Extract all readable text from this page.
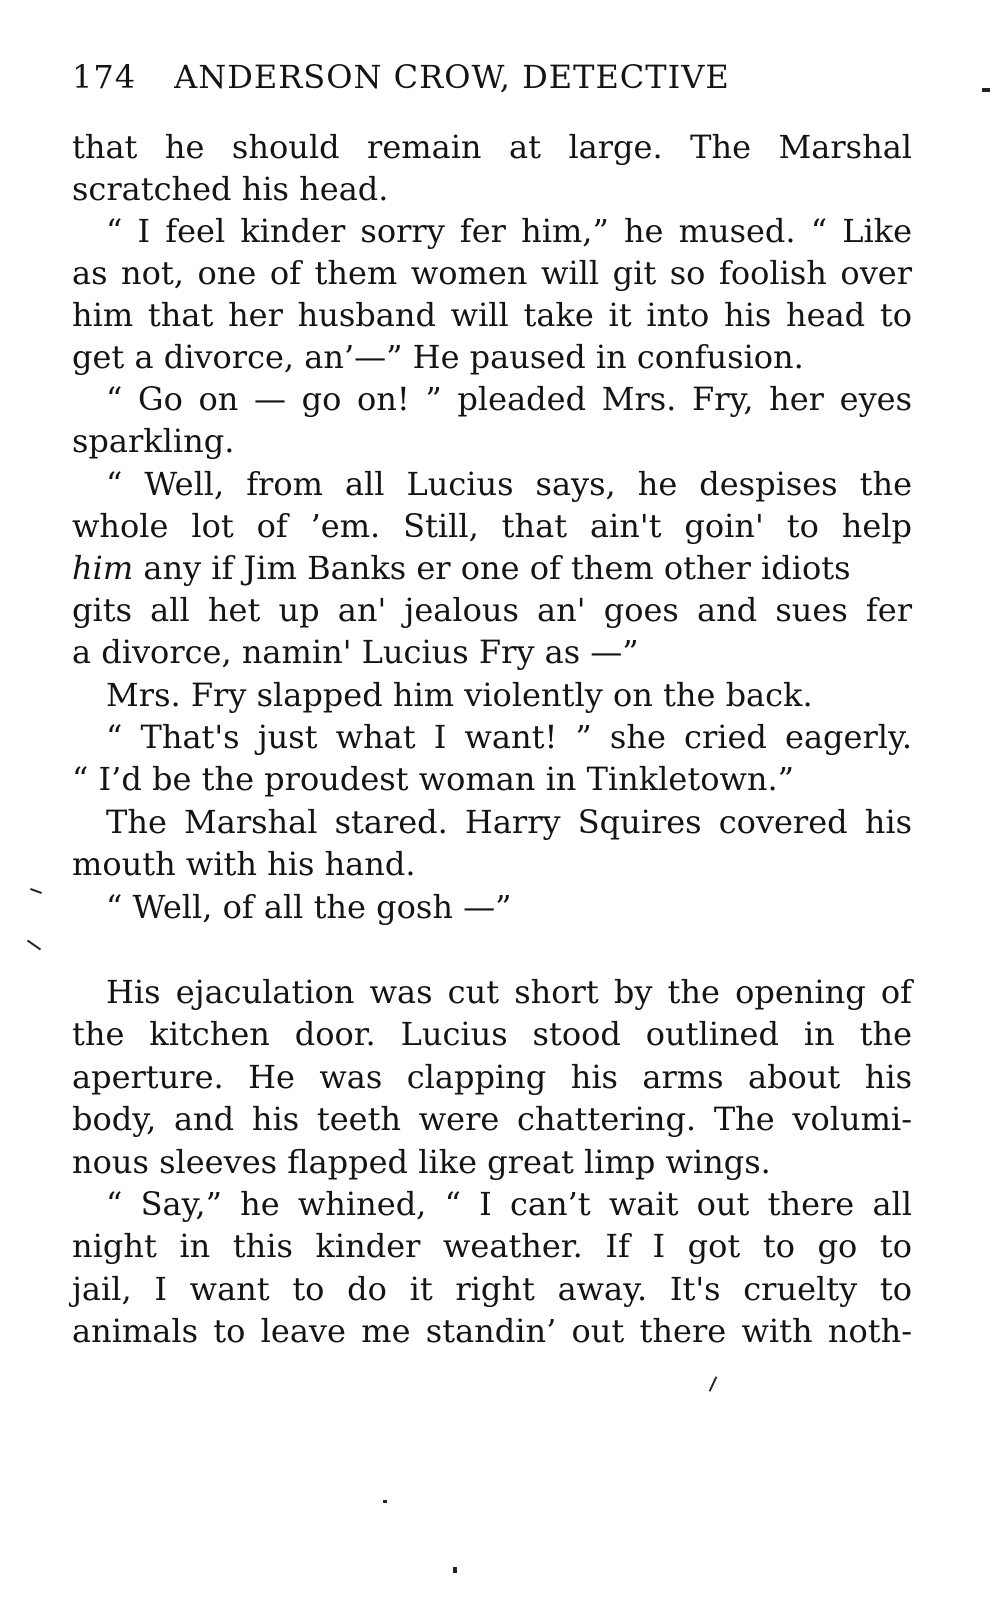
174 ANDERSON CROW, DETECTIVE
that he should remain at large. The Marshal
scratched his head.
“ I feel kinder sorry fer him,” he mused. “ Like
as not, one of them women will git so foolish over
him that her husband will take it into his head to
get a divorce, an’—” He paused in confusion.
“ Go on — go on! ” pleaded Mrs. Fry, her eyes
sparkling.
“ Well, from all Lucius says, he despises the
whole lot of ’em. Still, that ain't goin' to help
him any if Jim Banks er one of them other idiots
gits all het up an' jealous an' goes and sues fer
a divorce, namin' Lucius Fry as —”
Mrs. Fry slapped him violently on the back.
“ That's just what I want! ” she cried eagerly.
“ I’d be the proudest woman in Tinkletown.”
The Marshal stared. Harry Squires covered his
mouth with his hand.
“ Well, of all the gosh —”
His ejaculation was cut short by the opening of
the kitchen door. Lucius stood outlined in the
aperture. He was clapping his arms about his
body, and his teeth were chattering. The volumi-
nous sleeves flapped like great limp wings.
“ Say,” he whined, “ I can’t wait out there all
night in this kinder weather. If I got to go to
jail, I want to do it right away. It's cruelty to
animals to leave me standin’ out there with noth-
